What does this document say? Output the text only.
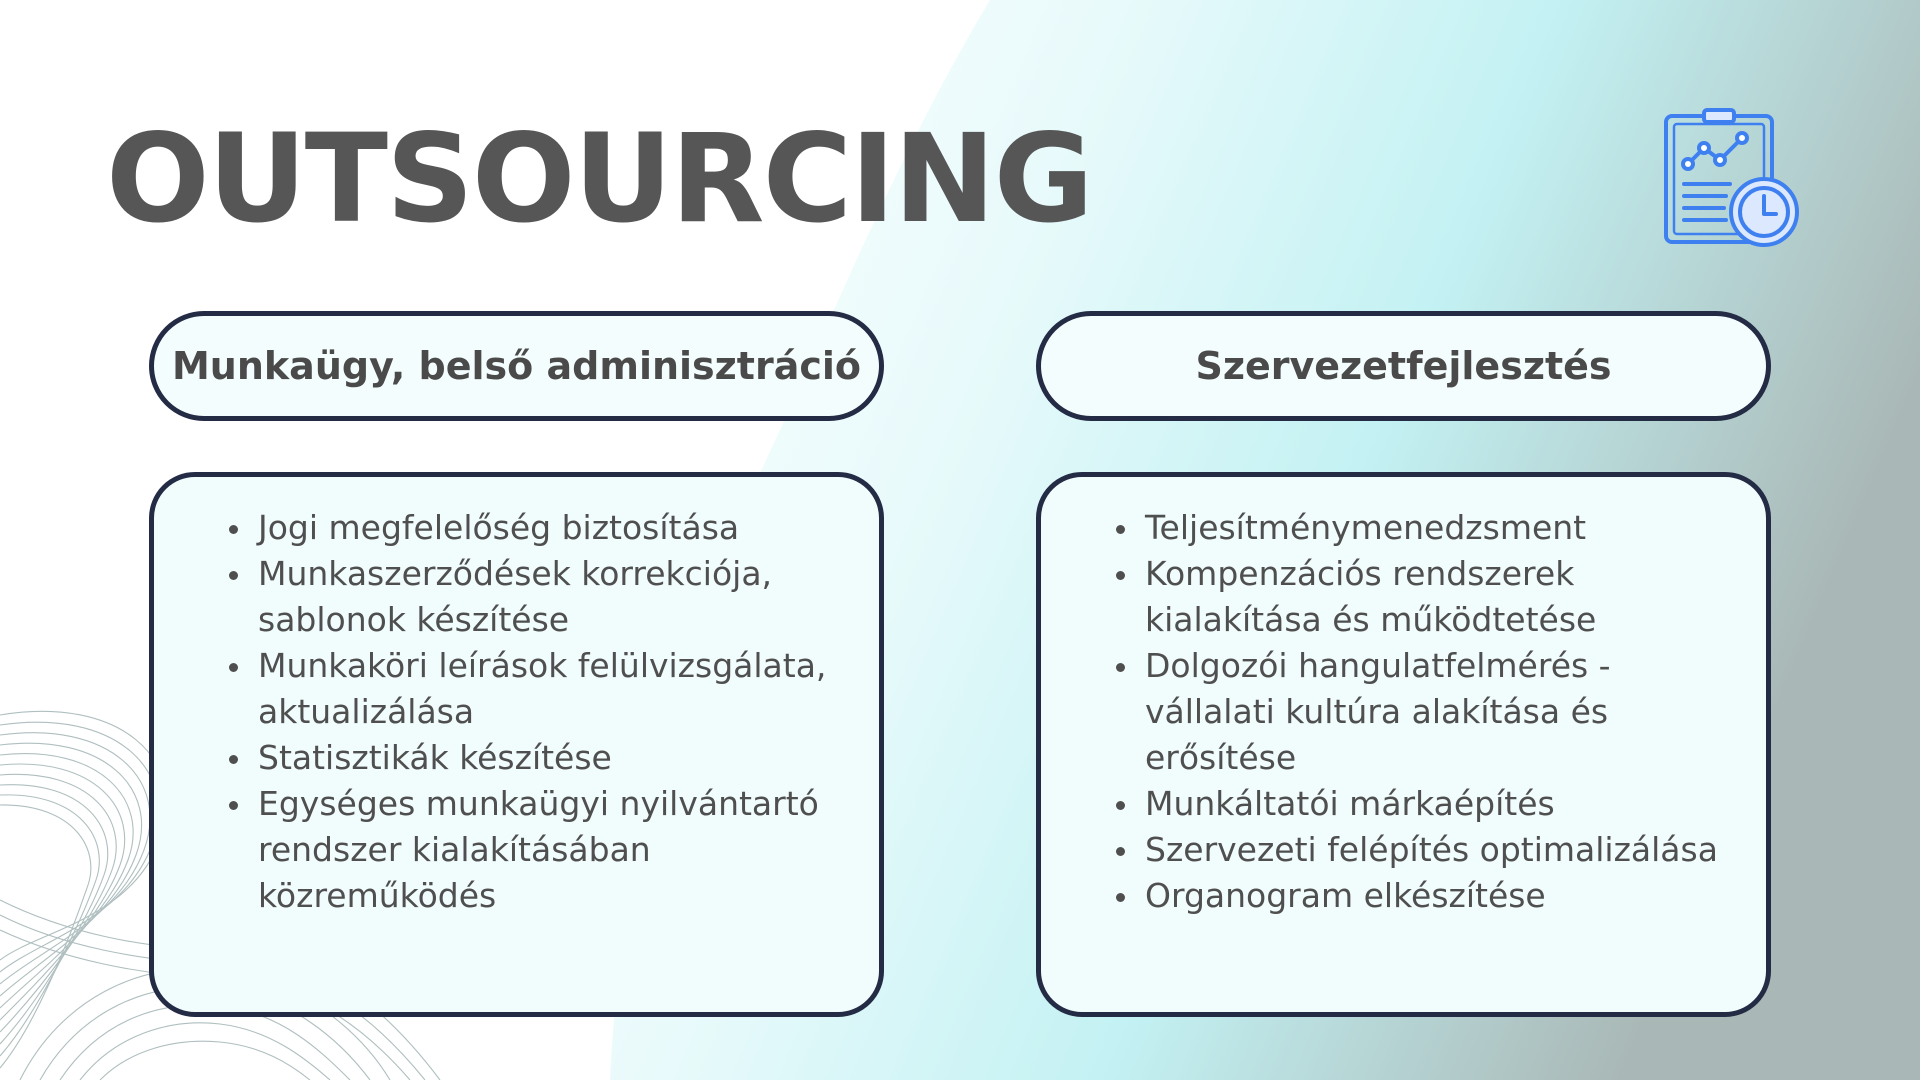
OUTSOURCING
Munkaügy, belső adminisztráció	Szervezetfejlesztés
Jogi megfelelőség biztosítása
Munkaszerződések korrekciója, sablonok készítése
Munkaköri leírások felülvizsgálata, aktualizálása
Statisztikák készítése
Egységes munkaügyi nyilvántartó rendszer kialakításában közreműködés
Teljesítménymenedzsment
Kompenzációs rendszerek kialakítása és működtetése
Dolgozói hangulatfelmérés - vállalati kultúra alakítása és erősítése
Munkáltatói márkaépítés
Szervezeti felépítés optimalizálása
Organogram elkészítése
